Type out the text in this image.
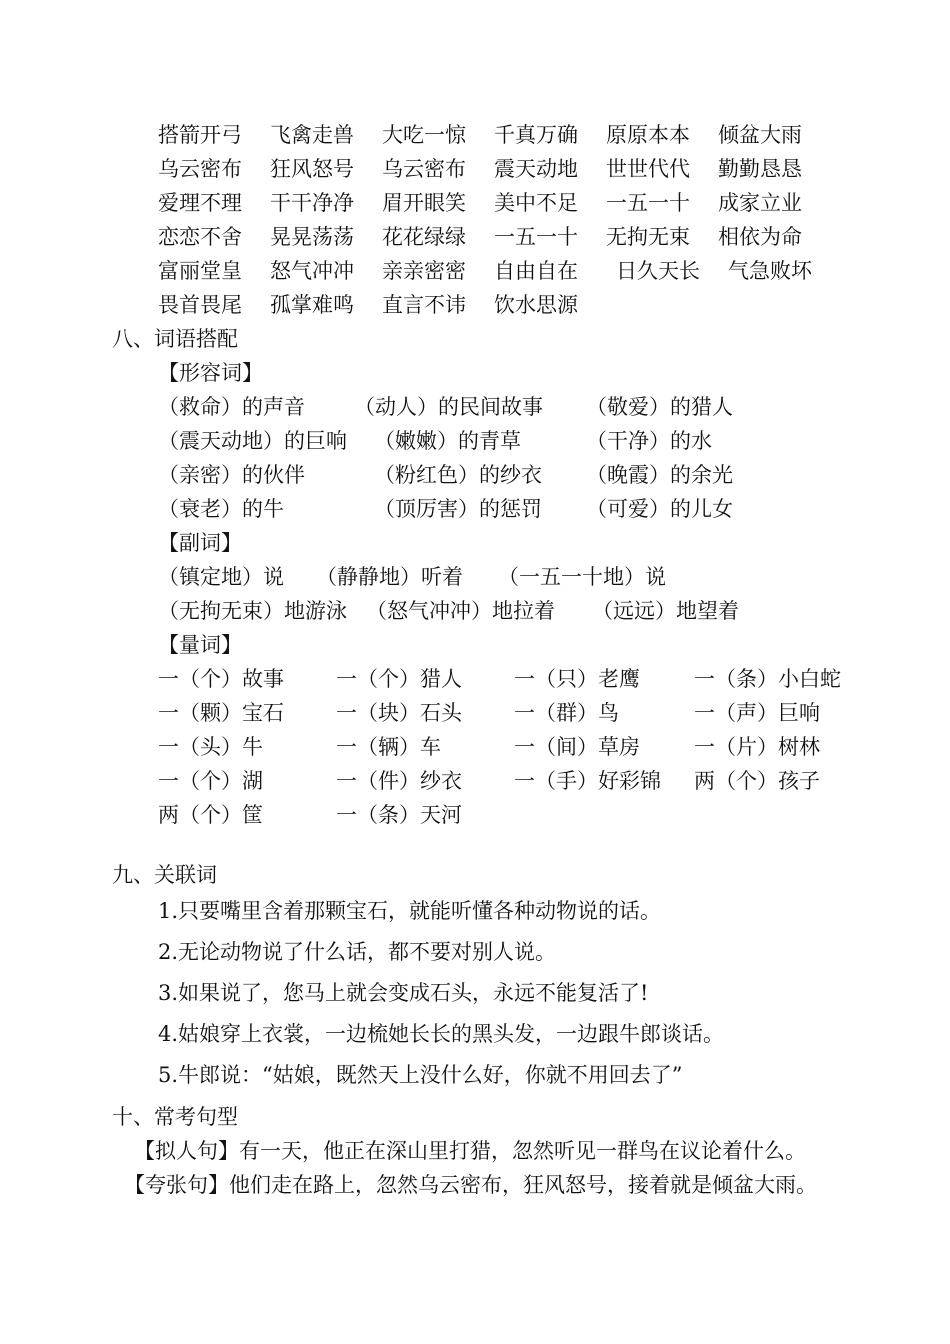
搭箭开弓 飞禽走兽 大吃一惊 千真万确 原原本本 倾盆大雨
乌云密布 狂风怒号 乌云密布 震天动地 世世代代 勤勤恳恳
爱理不理 干干净净 眉开眼笑 美中不足 一五一十 成家立业
恋恋不舍 晃晃荡荡 花花绿绿 一五一十 无拘无束 相依为命
富丽堂皇 怒气冲冲 亲亲密密 自由自在 日久天长 气急败坏
畏首畏尾 孤掌难鸣 直言不讳 饮水思源
八、词语搭配
【形容词】
（救命）的声音 （动人）的民间故事 （敬爱）的猎人
（震天动地）的巨响 （嫩嫩）的青草	（干净）的水
（亲密）的伙伴	（粉红色）的纱衣 （晚霞）的余光
（衰老）的牛	（顶厉害）的惩罚 （可爱）的儿女
【副词】
（镇定地）说 （静静地）听着 （一五一十地）说
（无拘无束）地游泳 （怒气冲冲）地拉着 （远远）地望着
【量词】
一（个）故事 一（个）猎人 一（只）老鹰	一（条）小白蛇
一（颗）宝石 一（块）石头 一（群）鸟	一（声）巨响
一（头）牛	一（辆）车	一（间）草房	一（片）树林
一（个）湖	一（件）纱衣 一（手）好彩锦 两（个）孩子
两（个）筐	一（条）天河
九、关联词
1.只要嘴里含着那颗宝石，就能听懂各种动物说的话。
2.无论动物说了什么话，都不要对别人说。
3.如果说了，您马上就会变成石头，永远不能复活了!
4.姑娘穿上衣裳，一边梳她长长的黑头发，一边跟牛郎谈话。
5.牛郎说：“姑娘，既然天上没什么好，你就不用回去了”
十、常考句型
【拟人句】有一天，他正在深山里打猎，忽然听见一群鸟在议论着什么。
【夸张句】他们走在路上，忽然乌云密布，狂风怒号，接着就是倾盆大雨。
